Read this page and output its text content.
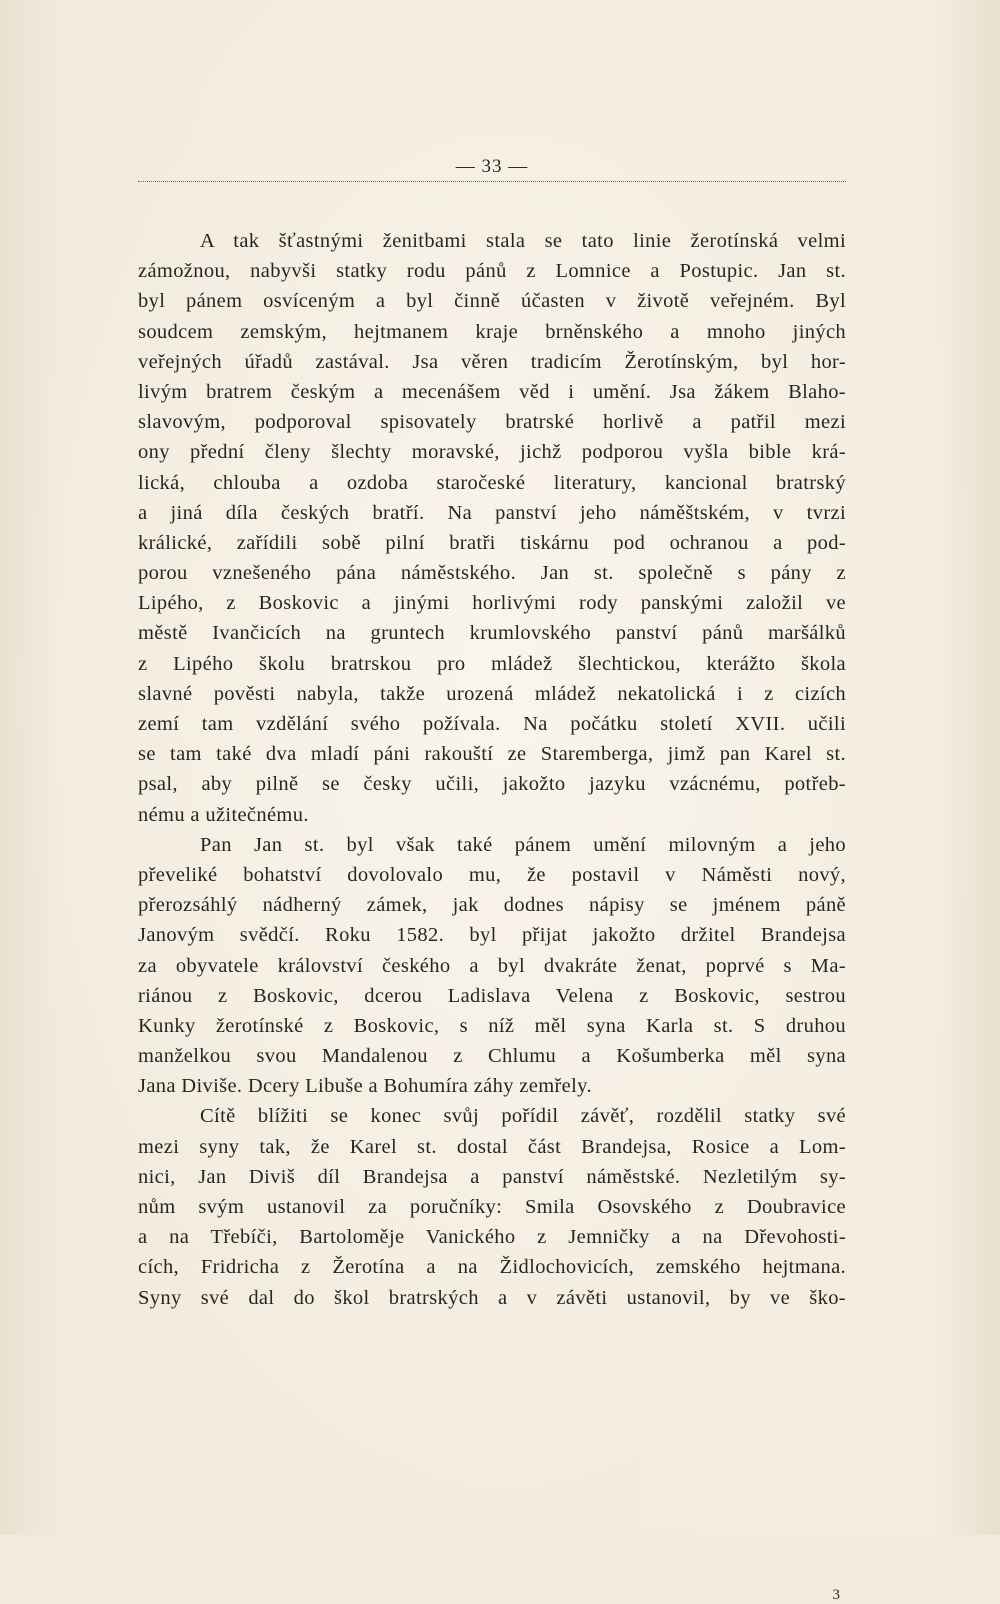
— 33 —
A tak šťastnými ženitbami stala se tato linie žerotínská velmi
zámožnou, nabyvši statky rodu pánů z Lomnice a Postupic. Jan st.
byl pánem osvíceným a byl činně účasten v životě veřejném. Byl
soudcem zemským, hejtmanem kraje brněnského a mnoho jiných
veřejných úřadů zastával. Jsa věren tradicím Žerotínským, byl hor-
livým bratrem českým a mecenášem věd i umění. Jsa žákem Blaho-
slavovým, podporoval spisovately bratrské horlivě a patřil mezi
ony přední členy šlechty moravské, jichž podporou vyšla bible krá-
lická, chlouba a ozdoba staročeské literatury, kancional bratrský
a jiná díla českých bratří. Na panství jeho náměštském, v tvrzi
králické, zařídili sobě pilní bratři tiskárnu pod ochranou a pod-
porou vznešeného pána náměstského. Jan st. společně s pány z
Lipého, z Boskovic a jinými horlivými rody panskými založil ve
městě Ivančicích na gruntech krumlovského panství pánů maršálků
z Lipého školu bratrskou pro mládež šlechtickou, kterážto škola
slavné pověsti nabyla, takže urozená mládež nekatolická i z cizích
zemí tam vzdělání svého požívala. Na počátku století XVII. učili
se tam také dva mladí páni rakouští ze Staremberga, jimž pan Karel st.
psal, aby pilně se česky učili, jakožto jazyku vzácnému, potřeb-
nému a užitečnému.
Pan Jan st. byl však také pánem umění milovným a jeho
převeliké bohatství dovolovalo mu, že postavil v Náměsti nový,
přerozsáhlý nádherný zámek, jak dodnes nápisy se jménem páně
Janovým svědčí. Roku 1582. byl přijat jakožto držitel Brandejsa
za obyvatele království českého a byl dvakráte ženat, poprvé s Ma-
riánou z Boskovic, dcerou Ladislava Velena z Boskovic, sestrou
Kunky žerotínské z Boskovic, s níž měl syna Karla st. S druhou
manželkou svou Mandalenou z Chlumu a Košumberka měl syna
Jana Diviše. Dcery Libuše a Bohumíra záhy zemřely.
Cítě blížiti se konec svůj pořídil závěť, rozdělil statky své
mezi syny tak, že Karel st. dostal část Brandejsa, Rosice a Lom-
nici, Jan Diviš díl Brandejsa a panství náměstské. Nezletilým sy-
nům svým ustanovil za poručníky: Smila Osovského z Doubravice
a na Třebíči, Bartoloměje Vanického z Jemničky a na Dřevohosti-
cích, Fridricha z Žerotína a na Židlochovicích, zemského hejtmana.
Syny své dal do škol bratrských a v závěti ustanovil, by ve ško-
3
